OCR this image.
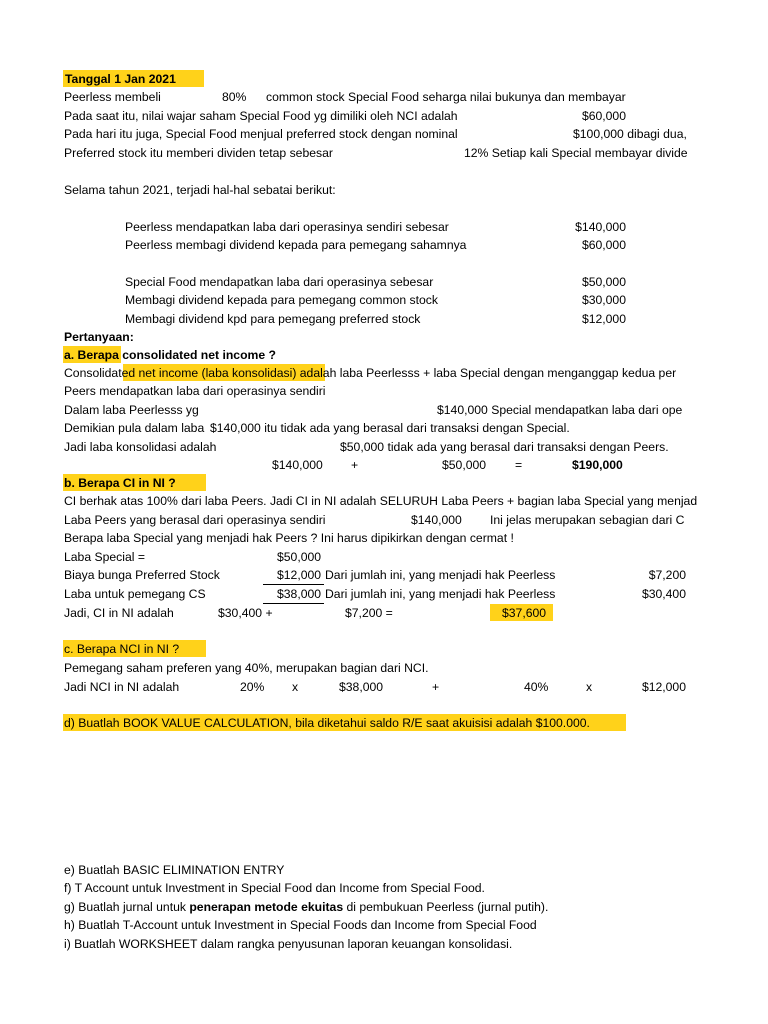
Tanggal 1 Jan 2021
Peerless membeli	80% common stock Special Food seharga nilai bukunya dan membayar
Pada saat itu, nilai wajar saham Special Food yg dimiliki oleh NCI adalah	$60,000
Pada hari itu juga, Special Food menjual preferred stock dengan nominal	$100,000 dibagi dua,
Preferred stock itu memberi dividen tetap sebesar	12% Setiap kali Special membayar divide
Selama tahun 2021, terjadi hal-hal sebatai berikut:
Peerless mendapatkan laba dari operasinya sendiri sebesar	$140,000
Peerless membagi dividend kepada para pemegang sahamnya	$60,000
Special Food mendapatkan laba dari operasinya sebesar	$50,000
Membagi dividend kepada para pemegang common stock	$30,000
Membagi dividend kpd para pemegang preferred stock	$12,000
Pertanyaan:
a. Berapa consolidated net income ?
Consolidated net income (laba konsolidasi) adalah laba Peerlesss + laba Special dengan menganggap kedua per
Peers mendapatkan laba dari operasinya sendiri
Dalam laba Peerlesss yg	$140,000 Special mendapatkan laba dari ope
Demikian pula dalam laba $140,000 itu tidak ada yang berasal dari transaksi dengan Special.
Jadi laba konsolidasi adalah	$50,000 tidak ada yang berasal dari transaksi dengan Peers.
$140,000 +	$50,000 =	$190,000
b. Berapa CI in NI ?
CI berhak atas 100% dari laba Peers. Jadi CI in NI adalah SELURUH Laba Peers + bagian laba Special yang menjad
Laba Peers yang berasal dari operasinya sendiri	$140,000 Ini jelas merupakan sebagian dari C
Berapa laba Special yang menjadi hak Peers ? Ini harus dipikirkan dengan cermat !
Laba Special =	$50,000
Biaya bunga Preferred Stock	$12,000 Dari jumlah ini, yang menjadi hak Peerless	$7,200
Laba untuk pemegang CS	$38,000 Dari jumlah ini, yang menjadi hak Peerless	$30,400
Jadi, CI in NI adalah	$30,400 +	$7,200 =	$37,600
c. Berapa NCI in NI ?
Pemegang saham preferen yang 40%, merupakan bagian dari NCI.
Jadi NCI in NI adalah	20% x	$38,000	+	40%	x	$12,000
d) Buatlah BOOK VALUE CALCULATION, bila diketahui saldo R/E saat akuisisi adalah $100.000.
e) Buatlah BASIC ELIMINATION ENTRY
f) T Account untuk Investment in Special Food dan Income from Special Food.
g) Buatlah jurnal untuk penerapan metode ekuitas di pembukuan Peerless (jurnal putih).
h) Buatlah T-Account untuk Investment in Special Foods dan Income from Special Food
i) Buatlah WORKSHEET dalam rangka penyusunan laporan keuangan konsolidasi.
